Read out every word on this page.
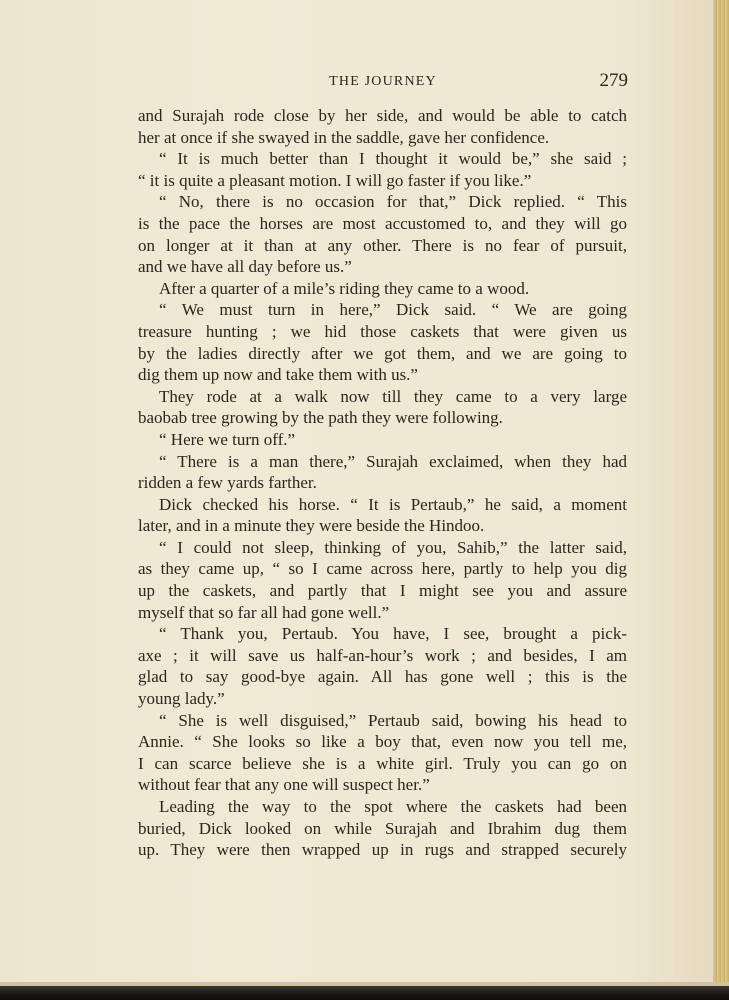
THE JOURNEY	279
and Surajah rode close by her side, and would be able to catch
her at once if she swayed in the saddle, gave her confidence.
“ It is much better than I thought it would be,” she said ;
“ it is quite a pleasant motion. I will go faster if you like.”
“ No, there is no occasion for that,” Dick replied. “ This
is the pace the horses are most accustomed to, and they will go
on longer at it than at any other. There is no fear of pursuit,
and we have all day before us.”
After a quarter of a mile’s riding they came to a wood.
“ We must turn in here,” Dick said. “ We are going
treasure hunting ; we hid those caskets that were given us
by the ladies directly after we got them, and we are going to
dig them up now and take them with us.”
They rode at a walk now till they came to a very large
baobab tree growing by the path they were following.
“ Here we turn off.”
“ There is a man there,” Surajah exclaimed, when they had
ridden a few yards farther.
Dick checked his horse. “ It is Pertaub,” he said, a moment
later, and in a minute they were beside the Hindoo.
“ I could not sleep, thinking of you, Sahib,” the latter said,
as they came up, “ so I came across here, partly to help you dig
up the caskets, and partly that I might see you and assure
myself that so far all had gone well.”
“ Thank you, Pertaub. You have, I see, brought a pick-
axe ; it will save us half-an-hour’s work ; and besides, I am
glad to say good-bye again. All has gone well ; this is the
young lady.”
“ She is well disguised,” Pertaub said, bowing his head to
Annie. “ She looks so like a boy that, even now you tell me,
I can scarce believe she is a white girl. Truly you can go on
without fear that any one will suspect her.”
Leading the way to the spot where the caskets had been
buried, Dick looked on while Surajah and Ibrahim dug them
up. They were then wrapped up in rugs and strapped securely
